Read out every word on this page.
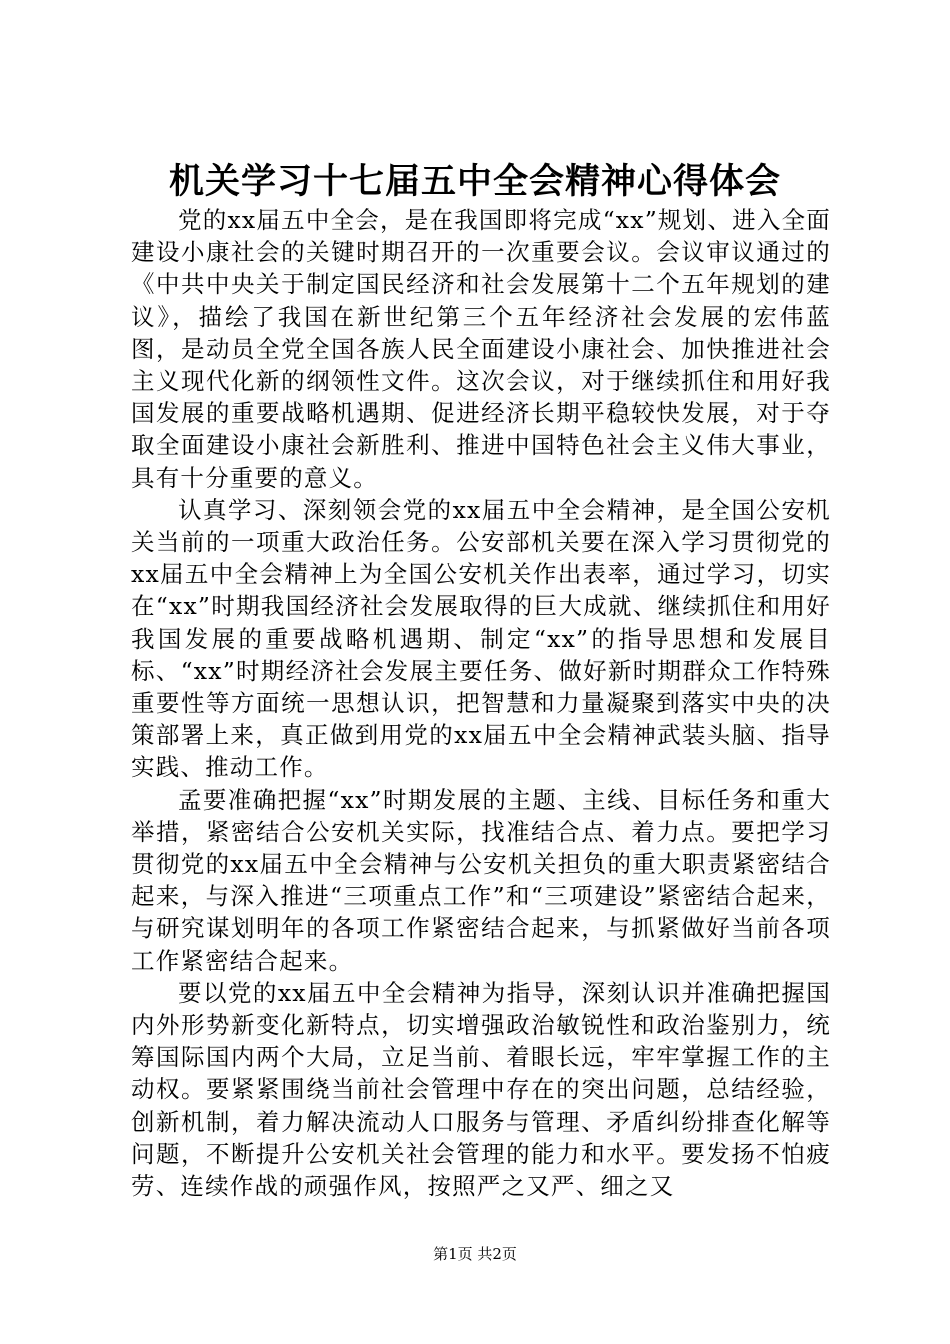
机关学习十七届五中全会精神心得体会

党的xx届五中全会，是在我国即将完成“xx”规划、进入全面建设小康社会的关键时期召开的一次重要会议。会议审议通过的《中共中央关于制定国民经济和社会发展第十二个五年规划的建议》，描绘了我国在新世纪第三个五年经济社会发展的宏伟蓝图，是动员全党全国各族人民全面建设小康社会、加快推进社会主义现代化新的纲领性文件。这次会议，对于继续抓住和用好我国发展的重要战略机遇期、促进经济长期平稳较快发展，对于夺取全面建设小康社会新胜利、推进中国特色社会主义伟大事业，具有十分重要的意义。

认真学习、深刻领会党的xx届五中全会精神，是全国公安机关当前的一项重大政治任务。公安部机关要在深入学习贯彻党的xx届五中全会精神上为全国公安机关作出表率，通过学习，切实在“xx”时期我国经济社会发展取得的巨大成就、继续抓住和用好我国发展的重要战略机遇期、制定“xx”的指导思想和发展目标、“xx”时期经济社会发展主要任务、做好新时期群众工作特殊重要性等方面统一思想认识，把智慧和力量凝聚到落实中央的决策部署上来，真正做到用党的xx届五中全会精神武装头脑、指导实践、推动工作。

孟要准确把握“xx”时期发展的主题、主线、目标任务和重大举措，紧密结合公安机关实际，找准结合点、着力点。要把学习贯彻党的xx届五中全会精神与公安机关担负的重大职责紧密结合起来，与深入推进“三项重点工作”和“三项建设”紧密结合起来，与研究谋划明年的各项工作紧密结合起来，与抓紧做好当前各项工作紧密结合起来。

要以党的xx届五中全会精神为指导，深刻认识并准确把握国内外形势新变化新特点，切实增强政治敏锐性和政治鉴别力，统筹国际国内两个大局，立足当前、着眼长远，牢牢掌握工作的主动权。要紧紧围绕当前社会管理中存在的突出问题，总结经验，创新机制，着力解决流动人口服务与管理、矛盾纠纷排查化解等问题，不断提升公安机关社会管理的能力和水平。要发扬不怕疲劳、连续作战的顽强作风，按照严之又严、细之又

第1页 共2页
